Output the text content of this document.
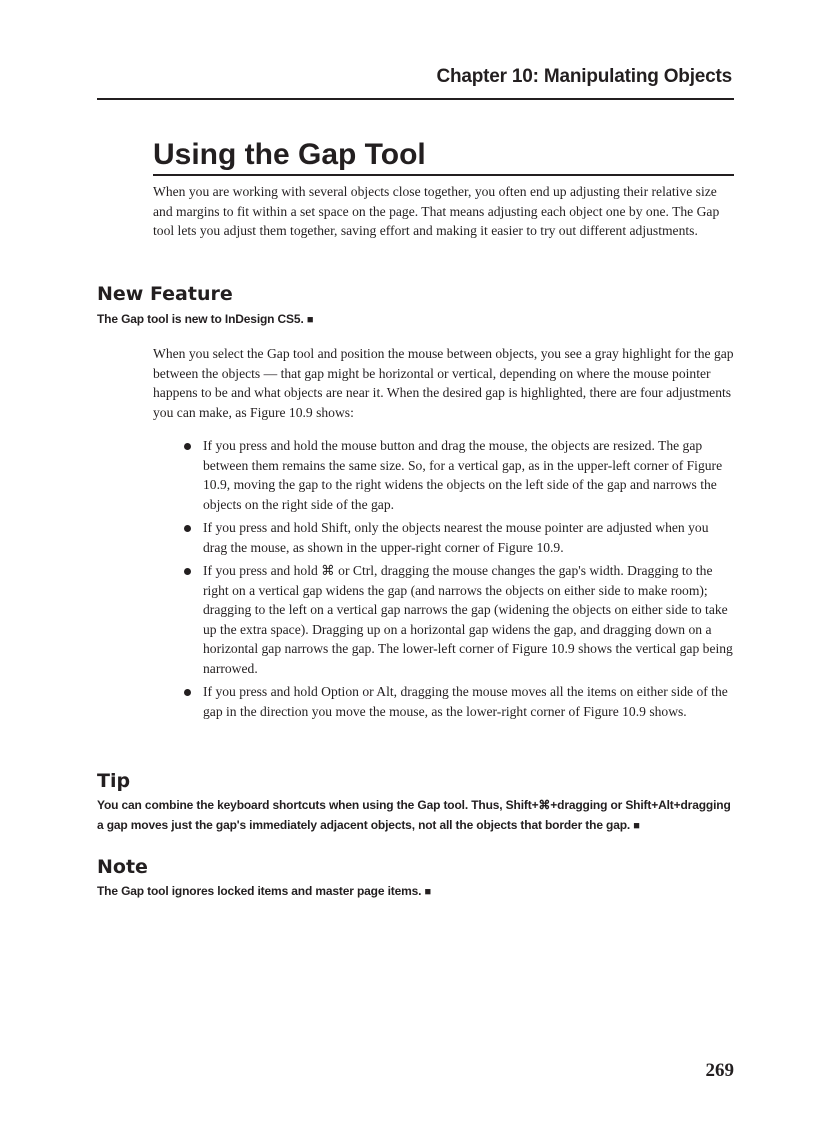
Chapter 10: Manipulating Objects
Using the Gap Tool

When you are working with several objects close together, you often end up adjusting their relative size and margins to fit within a set space on the page. That means adjusting each object one by one. The Gap tool lets you adjust them together, saving effort and making it easier to try out different adjustments.

New Feature
The Gap tool is new to InDesign CS5. ■

When you select the Gap tool and position the mouse between objects, you see a gray highlight for the gap between the objects — that gap might be horizontal or vertical, depending on where the mouse pointer happens to be and what objects are near it. When the desired gap is highlighted, there are four adjustments you can make, as Figure 10.9 shows:

If you press and hold the mouse button and drag the mouse, the objects are resized. The gap between them remains the same size. So, for a vertical gap, as in the upper-left corner of Figure 10.9, moving the gap to the right widens the objects on the left side of the gap and narrows the objects on the right side of the gap.
If you press and hold Shift, only the objects nearest the mouse pointer are adjusted when you drag the mouse, as shown in the upper-right corner of Figure 10.9.
If you press and hold ⌘ or Ctrl, dragging the mouse changes the gap's width. Dragging to the right on a vertical gap widens the gap (and narrows the objects on either side to make room); dragging to the left on a vertical gap narrows the gap (widening the objects on either side to take up the extra space). Dragging up on a horizontal gap widens the gap, and dragging down on a horizontal gap narrows the gap. The lower-left corner of Figure 10.9 shows the vertical gap being narrowed.
If you press and hold Option or Alt, dragging the mouse moves all the items on either side of the gap in the direction you move the mouse, as the lower-right corner of Figure 10.9 shows.
Tip
You can combine the keyboard shortcuts when using the Gap tool. Thus, Shift+⌘+dragging or Shift+Alt+dragging a gap moves just the gap's immediately adjacent objects, not all the objects that border the gap. ■
Note
The Gap tool ignores locked items and master page items. ■
269
